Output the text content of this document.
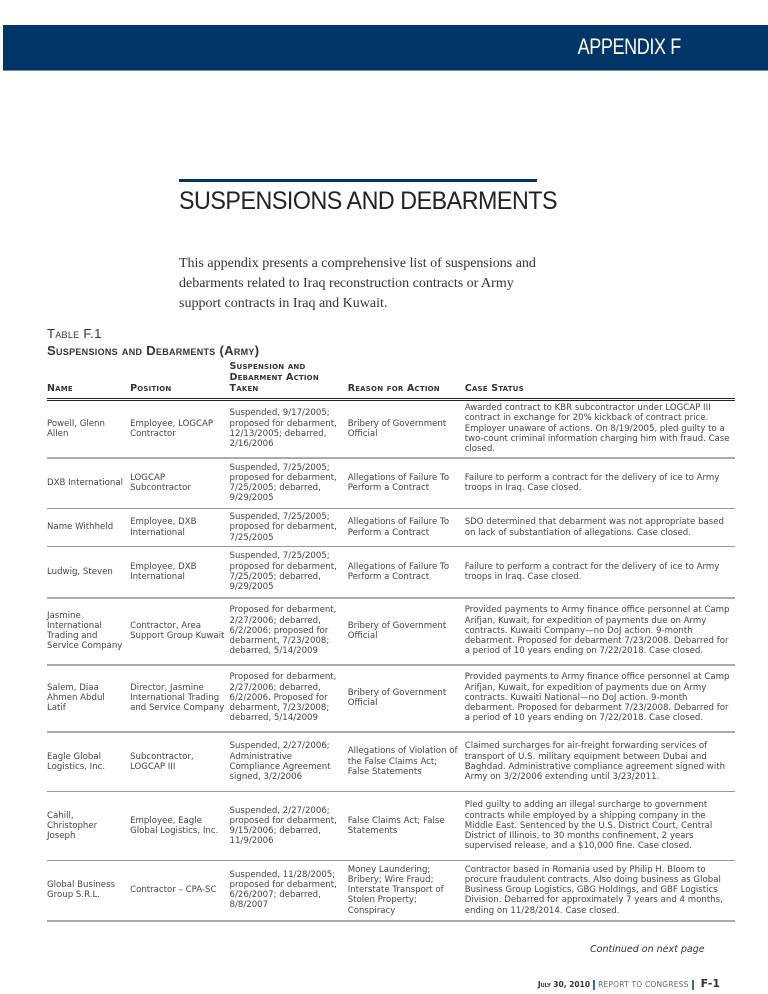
APPENDIX F
SUSPENSIONS AND DEBARMENTS

This appendix presents a comprehensive list of suspensions and debarments related to Iraq reconstruction contracts or Army support contracts in Iraq and Kuwait.

Table F.1
Suspensions and Debarments (Army)
Name	Position	Suspension and Debarment Action Taken	Reason for Action	Case Status
Powell, Glenn Allen	Employee, LOGCAP Contractor	Suspended, 9/17/2005; proposed for debarment, 12/13/2005; debarred, 2/16/2006	Bribery of Government Official	Awarded contract to KBR subcontractor under LOGCAP III contract in exchange for 20% kickback of contract price. Employer unaware of actions. On 8/19/2005, pled guilty to a two-count criminal information charging him with fraud. Case closed.
DXB International	LOGCAP Subcontractor	Suspended, 7/25/2005; proposed for debarment, 7/25/2005; debarred, 9/29/2005	Allegations of Failure To Perform a Contract	Failure to perform a contract for the delivery of ice to Army troops in Iraq. Case closed.
Name Withheld	Employee, DXB International	Suspended, 7/25/2005; proposed for debarment, 7/25/2005	Allegations of Failure To Perform a Contract	SDO determined that debarment was not appropriate based on lack of substantiation of allegations. Case closed.
Ludwig, Steven	Employee, DXB International	Suspended, 7/25/2005; proposed for debarment, 7/25/2005; debarred, 9/29/2005	Allegations of Failure To Perform a Contract	Failure to perform a contract for the delivery of ice to Army troops in Iraq. Case closed.
Jasmine International Trading and Service Company	Contractor, Area Support Group Kuwait	Proposed for debarment, 2/27/2006; debarred, 6/2/2006; proposed for debarment, 7/23/2008; debarred, 5/14/2009	Bribery of Government Official	Provided payments to Army finance office personnel at Camp Arifjan, Kuwait, for expedition of payments due on Army contracts. Kuwaiti Company—no DoJ action. 9-month debarment. Proposed for debarment 7/23/2008. Debarred for a period of 10 years ending on 7/22/2018. Case closed.
Salem, Diaa Ahmen Abdul Latif	Director, Jasmine International Trading and Service Company	Proposed for debarment, 2/27/2006; debarred, 6/2/2006. Proposed for debarment, 7/23/2008; debarred, 5/14/2009	Bribery of Government Official	Provided payments to Army finance office personnel at Camp Arifjan, Kuwait, for expedition of payments due on Army contracts. Kuwaiti National—no DoJ action. 9-month debarment. Proposed for debarment 7/23/2008. Debarred for a period of 10 years ending on 7/22/2018. Case closed.
Eagle Global Logistics, Inc.	Subcontractor, LOGCAP III	Suspended, 2/27/2006; Administrative Compliance Agreement signed, 3/2/2006	Allegations of Violation of the False Claims Act; False Statements	Claimed surcharges for air-freight forwarding services of transport of U.S. military equipment between Dubai and Baghdad. Administrative compliance agreement signed with Army on 3/2/2006 extending until 3/23/2011.
Cahill, Christopher Joseph	Employee, Eagle Global Logistics, Inc.	Suspended, 2/27/2006; proposed for debarment, 9/15/2006; debarred, 11/9/2006	False Claims Act; False Statements	Pled guilty to adding an illegal surcharge to government contracts while employed by a shipping company in the Middle East. Sentenced by the U.S. District Court, Central District of Illinois, to 30 months confinement, 2 years supervised release, and a $10,000 fine. Case closed.
Global Business Group S.R.L.	Contractor – CPA-SC	Suspended, 11/28/2005; proposed for debarment, 6/26/2007; debarred, 8/8/2007	Money Laundering; Bribery; Wire Fraud; Interstate Transport of Stolen Property; Conspiracy	Contractor based in Romania used by Philip H. Bloom to procure fraudulent contracts. Also doing business as Global Business Group Logistics, GBG Holdings, and GBF Logistics Division. Debarred for approximately 7 years and 4 months, ending on 11/28/2014. Case closed.
Continued on next page
July 30, 2010 REPORT TO CONGRESS F-1
